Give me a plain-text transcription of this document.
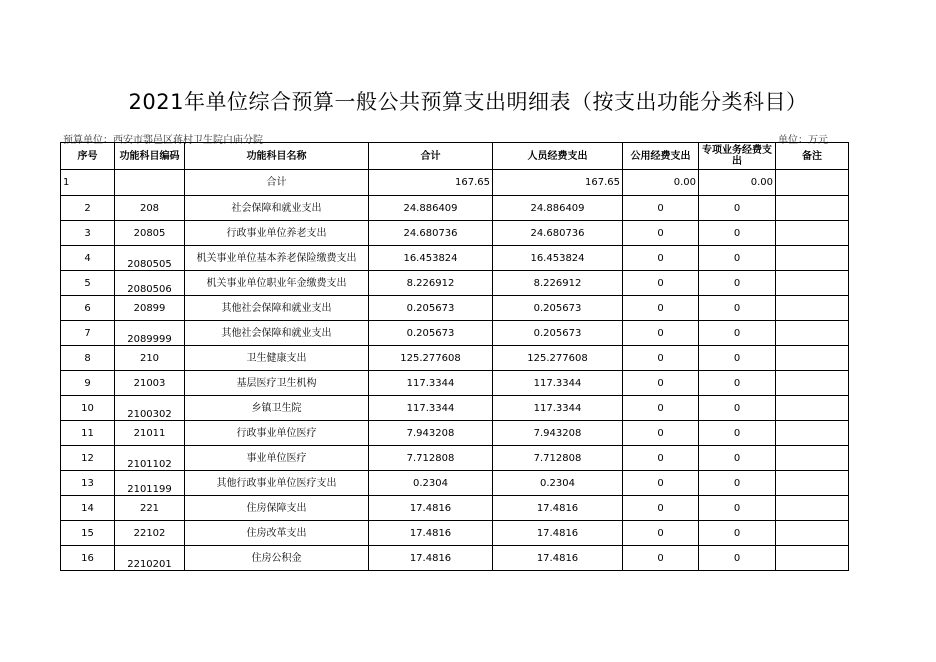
2021年单位综合预算一般公共预算支出明细表（按支出功能分类科目）
预算单位：西安市鄠邑区蒋村卫生院白庙分院	单位：万元
序号	功能科目编码	功能科目名称	合计	人员经费支出	公用经费支出	专项业务经费支出	备注
1		合计	167.65	167.65	0.00	0.00	
2	208	社会保障和就业支出	24.886409	24.886409	0	0	
3	20805	行政事业单位养老支出	24.680736	24.680736	0	0	
4	2080505	机关事业单位基本养老保险缴费支出	16.453824	16.453824	0	0	
5	2080506	机关事业单位职业年金缴费支出	8.226912	8.226912	0	0	
6	20899	其他社会保障和就业支出	0.205673	0.205673	0	0	
7	2089999	其他社会保障和就业支出	0.205673	0.205673	0	0	
8	210	卫生健康支出	125.277608	125.277608	0	0	
9	21003	基层医疗卫生机构	117.3344	117.3344	0	0	
10	2100302	乡镇卫生院	117.3344	117.3344	0	0	
11	21011	行政事业单位医疗	7.943208	7.943208	0	0	
12	2101102	事业单位医疗	7.712808	7.712808	0	0	
13	2101199	其他行政事业单位医疗支出	0.2304	0.2304	0	0	
14	221	住房保障支出	17.4816	17.4816	0	0	
15	22102	住房改革支出	17.4816	17.4816	0	0	
16	2210201	住房公积金	17.4816	17.4816	0	0	
